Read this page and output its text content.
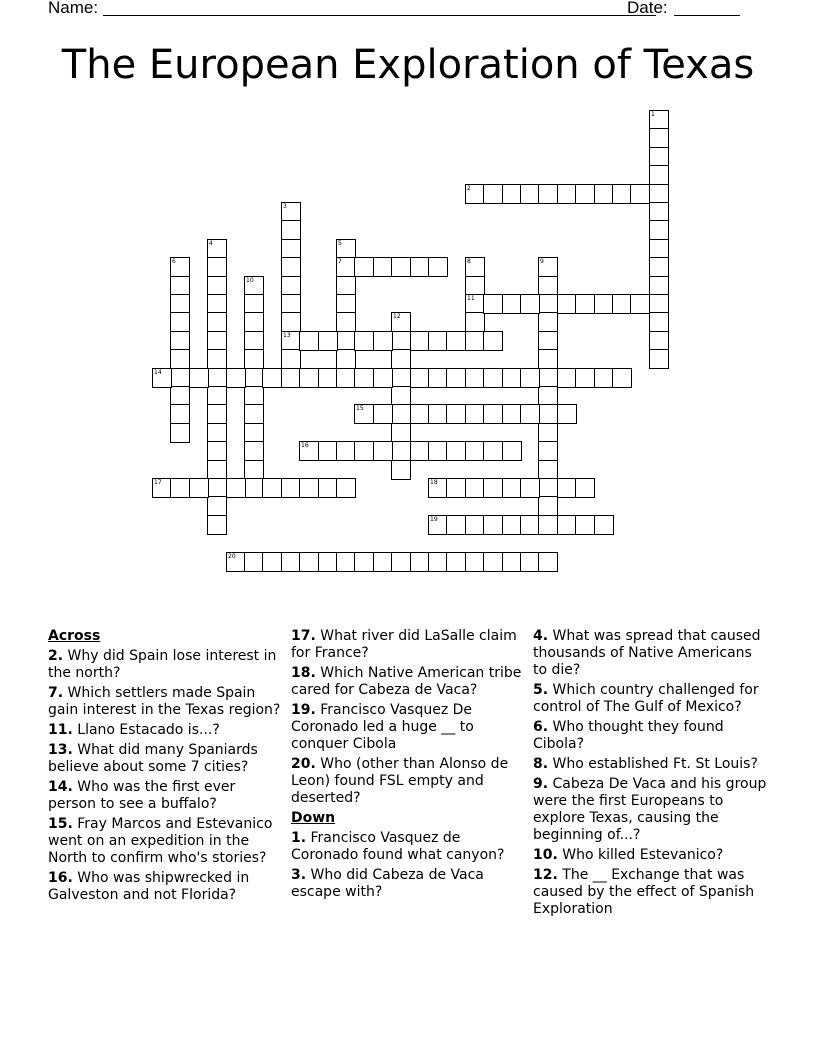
Name:	Date:
The European Exploration of Texas
1
2
3
13
4	5
7
6	8
11
9
10
12
14
15
16
17	18
19
20
Across
2. Why did Spain lose interest in the north?
7. Which settlers made Spain gain interest in the Texas region?
11. Llano Estacado is...?
13. What did many Spaniards believe about some 7 cities?
14. Who was the first ever person to see a buffalo?
15. Fray Marcos and Estevanico went on an expedition in the North to confirm who's stories?
16. Who was shipwrecked in Galveston and not Florida?
17. What river did LaSalle claim for France?
18. Which Native American tribe cared for Cabeza de Vaca?
19. Francisco Vasquez De Coronado led a huge __ to conquer Cibola
20. Who (other than Alonso de Leon) found FSL empty and deserted?
Down
1. Francisco Vasquez de Coronado found what canyon?
3. Who did Cabeza de Vaca escape with?
4. What was spread that caused thousands of Native Americans to die?
5. Which country challenged for control of The Gulf of Mexico?
6. Who thought they found Cibola?
8. Who established Ft. St Louis?
9. Cabeza De Vaca and his group were the first Europeans to explore Texas, causing the beginning of...?
10. Who killed Estevanico?
12. The __ Exchange that was caused by the effect of Spanish Exploration
